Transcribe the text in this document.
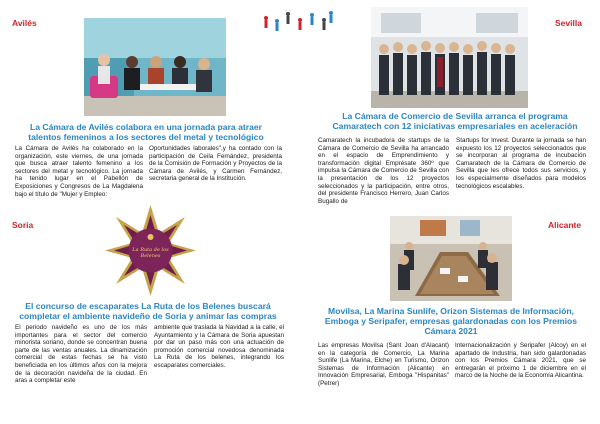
Avilés
La Cámara de Avilés colabora en una jornada para atraer talentos femeninos a los sectores del metal y tecnológico
La Cámara de Avilés ha colaborado en la organización, este viernes, de una jornada que busca atraer talento femenino a los sectores del metal y tecnológico. La jornada ha tenido lugar en el Pabellón de Exposiciones y Congresos de La Magdalena bajo el título de "Mujer y Empleo:
Oportunidades laborales",y ha contado con la participación de Ceila Fernández, presidenta de la Comisión de Formación y Proyectos de la Cámara de Avilés, y Carmen Fernández, secretaria general de la Institución.
Sevilla
La Cámara de Comercio de Sevilla arranca el programa Camaratech con 12 iniciativas empresariales en aceleración
Camaratech la incubadora de startups de la Cámara de Comercio de Sevilla ha arrancado en el espacio de Emprendimiento y transformación digital Emprésate 360º que impulsa la Cámara de Comercio de Sevilla con la presentación de los 12 proyectos seleccionados y la participación, entre otros, del presidente Francisco Herrero, Juan Carlos Bugallo de
Startups for Invest. Durante la jornada se han expuesto los 12 proyectos seleccionados que se incorporan al programa de incubación Camaratech de la Cámara de Comercio de Sevilla que les ofrece todos sus servicios, y los especialmente diseñados para modelos tecnológicos escalables.
Soria
La Ruta de los Belenes
El concurso de escaparates La Ruta de los Belenes buscará completar el ambiente navideño de Soria y animar las compras
El periodo navideño es uno de los más importantes para el sector del comercio minorista soriano, donde se concentran buena parte de las ventas anuales. La dinamización comercial de estas fechas se ha visto beneficiada en los últimos años con la mejora de la decoración navideña de la ciudad. En aras a completar este
ambiente que traslada la Navidad a la calle, el Ayuntamiento y la Cámara de Soria apuestan por dar un paso más con una actuación de promoción comercial novedosa denominada La Ruta de los belenes, integrando los escaparates comerciales.
Alicante
Movilsa, La Marina Sunlife, Orizon Sistemas de Información, Emboga y Seripafer, empresas galardonadas con los Premios Cámara 2021
Las empresas Movilsa (Sant Joan d'Alacant) en la categoría de Comercio, La Marina Sunlife (La Marina, Elche) en Turismo, Orizon Sistemas de Información (Alicante) en Innovación Empresarial, Emboga "Hispanitas" (Petrer)
Internacionalización y Seripafer (Alcoy) en el apartado de Industria, han sido galardonadas con los Premios Cámara 2021, que se entregarán el próximo 1 de diciembre en el marco de la Noche de la Economía Alicantina.
